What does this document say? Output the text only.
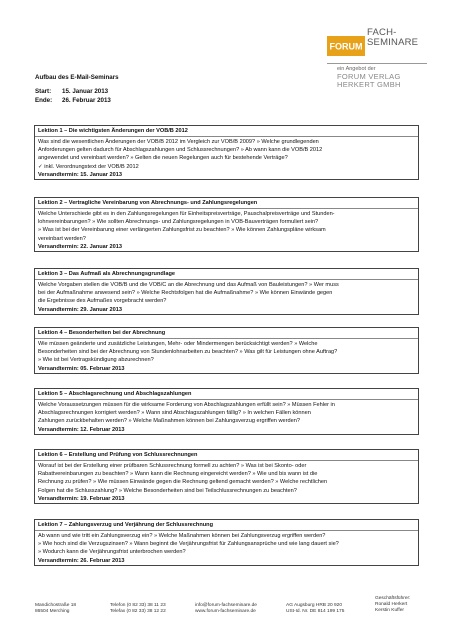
FORUM
FACH-
SEMINARE
ein Angebot der
FORUM VERLAG
HERKERT GMBH
Aufbau des E-Mail-Seminars
Start: 15. Januar 2013
Ende: 26. Februar 2013
Lektion 1 – Die wichtigsten Änderungen der VOB/B 2012
Was sind die wesentlichen Änderungen der VOB/B 2012 im Vergleich zur VOB/B 2009? » Welche grundlegenden
Anforderungen gelten dadurch für Abschlagszahlungen und Schlussrechnungen? » Ab wann kann die VOB/B 2012
angewendet und vereinbart werden? » Gelten die neuen Regelungen auch für bestehende Verträge?
✓ inkl. Verordnungstext der VOB/B 2012
Versandtermin: 15. Januar 2013
Lektion 2 – Vertragliche Vereinbarung von Abrechnungs- und Zahlungsregelungen
Welche Unterschiede gibt es in den Zahlungsregelungen für Einheitspreisverträge, Pauschalpreisverträge und Stunden-
lohnvereinbarungen? » Wie sollten Abrechnungs- und Zahlungsregelungen in VOB-Bauverträgen formuliert sein?
» Was ist bei der Vereinbarung einer verlängerten Zahlungsfrist zu beachten? » Wie können Zahlungspläne wirksam
vereinbart werden?
Versandtermin: 22. Januar 2013
Lektion 3 – Das Aufmaß als Abrechnungsgrundlage
Welche Vorgaben stellen die VOB/B und die VOB/C an die Abrechnung und das Aufmaß von Bauleistungen? » Wer muss
bei der Aufmaßnahme anwesend sein? » Welche Rechtsfolgen hat die Aufmaßnahme? » Wie können Einwände gegen
die Ergebnisse des Aufmaßes vorgebracht werden?
Versandtermin: 29. Januar 2013
Lektion 4 – Besonderheiten bei der Abrechnung
Wie müssen geänderte und zusätzliche Leistungen, Mehr- oder Mindermengen berücksichtigt werden? » Welche
Besonderheiten sind bei der Abrechnung von Stundenlohnarbeiten zu beachten? » Was gilt für Leistungen ohne Auftrag?
» Wie ist bei Vertragskündigung abzurechnen?
Versandtermin: 05. Februar 2013
Lektion 5 – Abschlagsrechnung und Abschlagszahlungen
Welche Voraussetzungen müssen für die wirksame Forderung von Abschlagszahlungen erfüllt sein? » Müssen Fehler in
Abschlagsrechnungen korrigiert werden? » Wann sind Abschlagszahlungen fällig? » In welchen Fällen können
Zahlungen zurückbehalten werden? » Welche Maßnahmen können bei Zahlungsverzug ergriffen werden?
Versandtermin: 12. Februar 2013
Lektion 6 – Erstellung und Prüfung von Schlussrechnungen
Worauf ist bei der Erstellung einer prüfbaren Schlussrechnung formell zu achten? » Was ist bei Skonto- oder
Rabattvereinbarungen zu beachten? » Wann kann die Rechnung eingereicht werden? » Wie und bis wann ist die
Rechnung zu prüfen? » Wie müssen Einwände gegen die Rechnung geltend gemacht werden? » Welche rechtlichen
Folgen hat die Schlusszahlung? » Welche Besonderheiten sind bei Teilschlussrechnungen zu beachten?
Versandtermin: 19. Februar 2013
Lektion 7 – Zahlungsverzug und Verjährung der Schlussrechnung
Ab wann und wie tritt ein Zahlungsverzug ein? » Welche Maßnahmen können bei Zahlungsverzug ergriffen werden?
» Wie hoch sind die Verzugszinsen? » Wann beginnt die Verjährungsfrist für Zahlungsansprüche und wie lang dauert sie?
» Wodurch kann die Verjährungsfrist unterbrochen werden?
Versandtermin: 26. Februar 2013
Mandichostraße 18
86504 Merching
Telefon (0 82 33) 38 11 23
Telefax (0 82 33) 38 12 22
info@forum-fachseminare.de
www.forum-fachseminare.de
AG Augsburg HRB 20 920
USt-Id. Nr. DE 814 199 175
Geschäftsführer:
Ronald Herkert
Kerstin Kuffer
